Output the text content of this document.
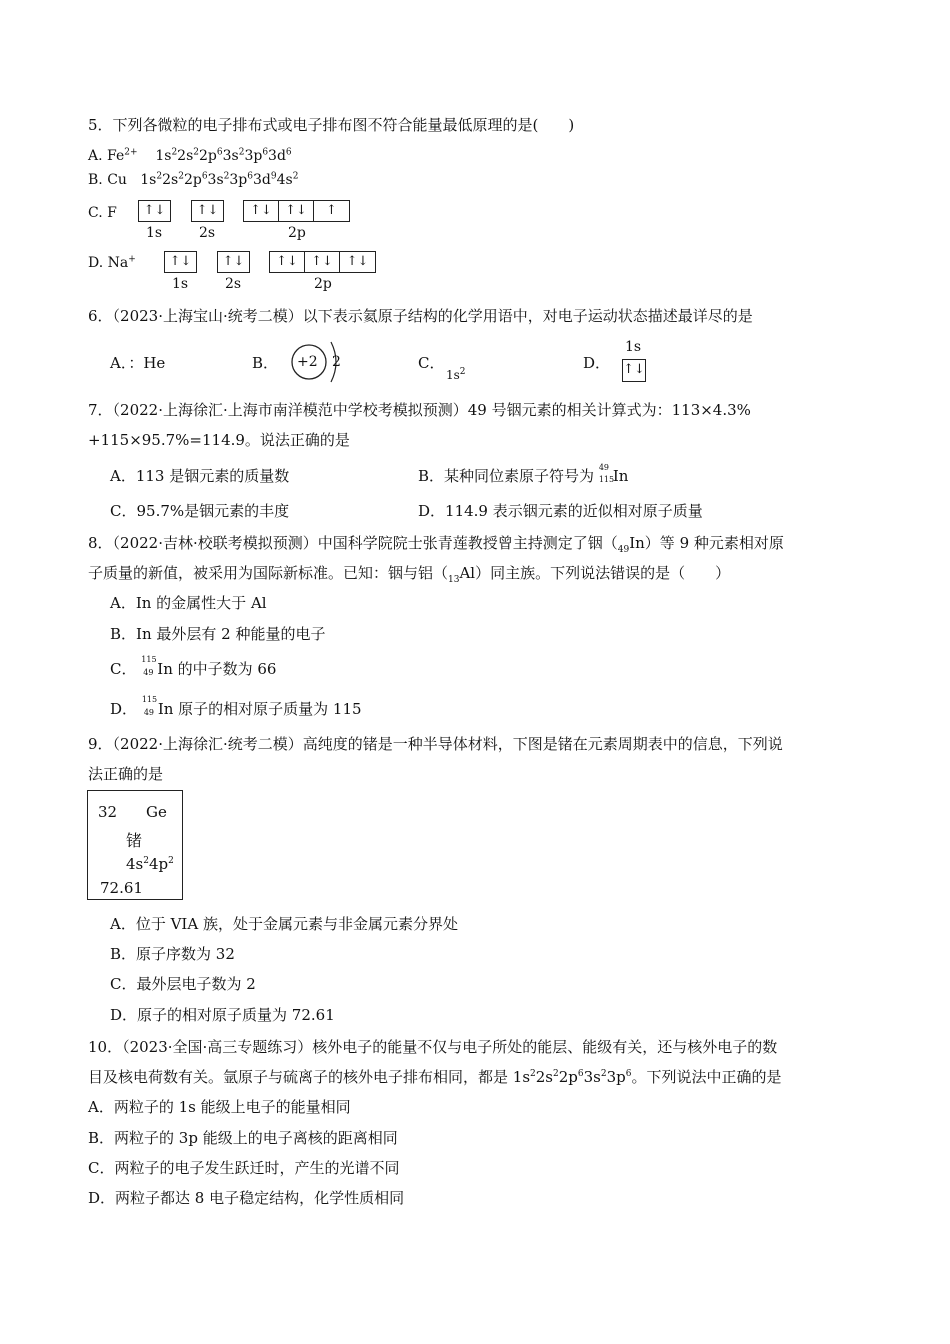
5．下列各微粒的电子排布式或电子排布图不符合能量最低原理的是(　　)
A. $Fe^{2+}$    $1s^22s^22p^63s^23p^63d^6$
B. Cu   $1s^22s^22p^63s^23p^63d^94s^2$
C. F	↑↓	↑↓	↑↓	↑↓	↑
1s	2s	2p
D. Na+	↑↓	↑↓	↑↓	↑↓	↑↓
1s	2s	2p
6．（2023·上海宝山·统考二模）以下表示氦原子结构的化学用语中，对电子运动状态描述最详尽的是
A．：He	B． +2 2	C．
$1s^2$	D．
1s
↑↓
7．（2022·上海徐汇·上海市南洋模范中学校考模拟预测）49 号铟元素的相关计算式为：113×4.3%
+115×95.7%=114.9。说法正确的是
A．113 是铟元素的质量数	B．某种同位素原子符号为 49
115
In
C．95.7%是铟元素的丰度	D．114.9 表示铟元素的近似相对原子质量
8．（2022·吉林·校联考模拟预测）中国科学院院士张青莲教授曾主持测定了铟$(_{49}In)$等 9 种元素相对原
子质量的新值，被采用为国际新标准。已知：铟与铝$(_{13}Al)$同主族。下列说法错误的是（　　）
A．In 的金属性大于 Al
B．In 最外层有 2 种能量的电子
C．
115
49 In 的中子数为 66
D．
115
49 In 原子的相对原子质量为 115
9．（2022·上海徐汇·统考二模）高纯度的锗是一种半导体材料，下图是锗在元素周期表中的信息，下列说
法正确的是
32 Ge
锗
$4s^24p^2$
72.61
A．位于 VIA 族，处于金属元素与非金属元素分界处
B．原子序数为 32
C．最外层电子数为 2
D．原子的相对原子质量为 72.61
10．（2023·全国·高三专题练习）核外电子的能量不仅与电子所处的能层、能级有关，还与核外电子的数
目及核电荷数有关。氩原子与硫离子的核外电子排布相同，都是 $1s^22s^22p^63s^23p^6$。下列说法中正确的是
A．两粒子的 1s 能级上电子的能量相同
B．两粒子的 3p 能级上的电子离核的距离相同
C．两粒子的电子发生跃迁时，产生的光谱不同
D．两粒子都达 8 电子稳定结构，化学性质相同
